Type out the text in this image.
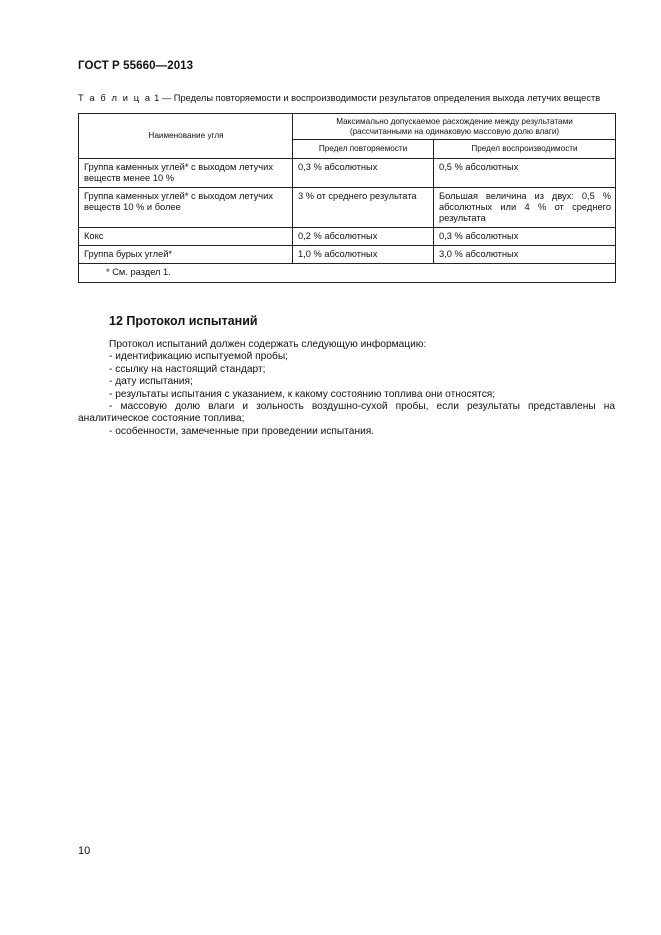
ГОСТ Р 55660—2013
Т а б л и ц а 1 — Пределы повторяемости и воспроизводимости результатов определения выхода летучих веществ
Наименование угля	Максимально допускаемое расхождение между результатами
(рассчитанными на одинаковую массовую долю влаги)	
	Предел повторяемости	Предел воспроизводимости
Группа каменных углей* с выходом летучих веществ менее 10 %	0,3 % абсолютных	0,5 % абсолютных
Группа каменных углей* с выходом летучих веществ 10 % и более	3 % от среднего результата	Большая величина из двух: 0,5 % абсолютных или 4 % от среднего результата
Кокс	0,2 % абсолютных	0,3 % абсолютных
Группа бурых углей*	1,0 % абсолютных	3,0 % абсолютных
* См. раздел 1.		
12 Протокол испытаний

Протокол испытаний должен содержать следующую информацию:

- идентификацию испытуемой пробы;

- ссылку на настоящий стандарт;

- дату испытания;

- результаты испытания с указанием, к какому состоянию топлива они относятся;

- массовую долю влаги и зольность воздушно-сухой пробы, если результаты представлены на аналитическое состояние топлива;

- особенности, замеченные при проведении испытания.

10
